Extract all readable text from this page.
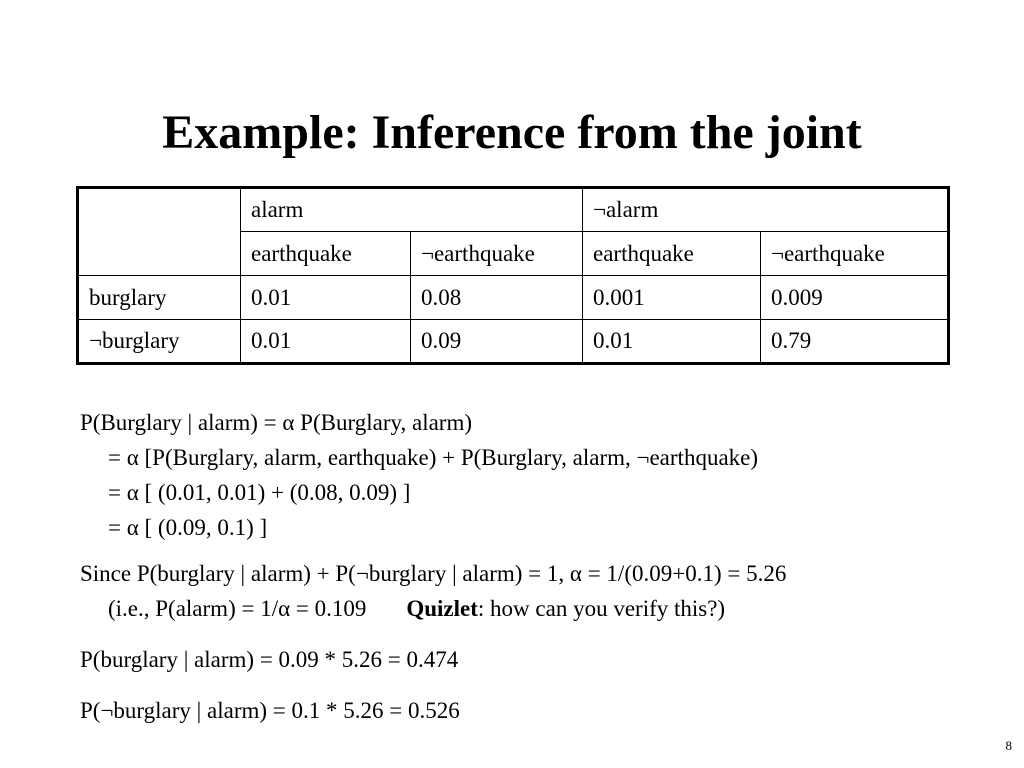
Example: Inference from the joint
	alarm		¬alarm	
	earthquake	¬earthquake	earthquake	¬earthquake
burglary	0.01	0.08	0.001	0.009
¬burglary	0.01	0.09	0.01	0.79

P(Burglary | alarm) = α P(Burglary, alarm)

= α [P(Burglary, alarm, earthquake) + P(Burglary, alarm, ¬earthquake)

= α [ (0.01, 0.01) + (0.08, 0.09) ]

= α [ (0.09, 0.1) ]

Since P(burglary | alarm) + P(¬burglary | alarm) = 1, α = 1/(0.09+0.1) = 5.26

(i.e., P(alarm) = 1/α = 0.109 Quizlet: how can you verify this?)

P(burglary | alarm) = 0.09 * 5.26 = 0.474

P(¬burglary | alarm) = 0.1 * 5.26 = 0.526

8
